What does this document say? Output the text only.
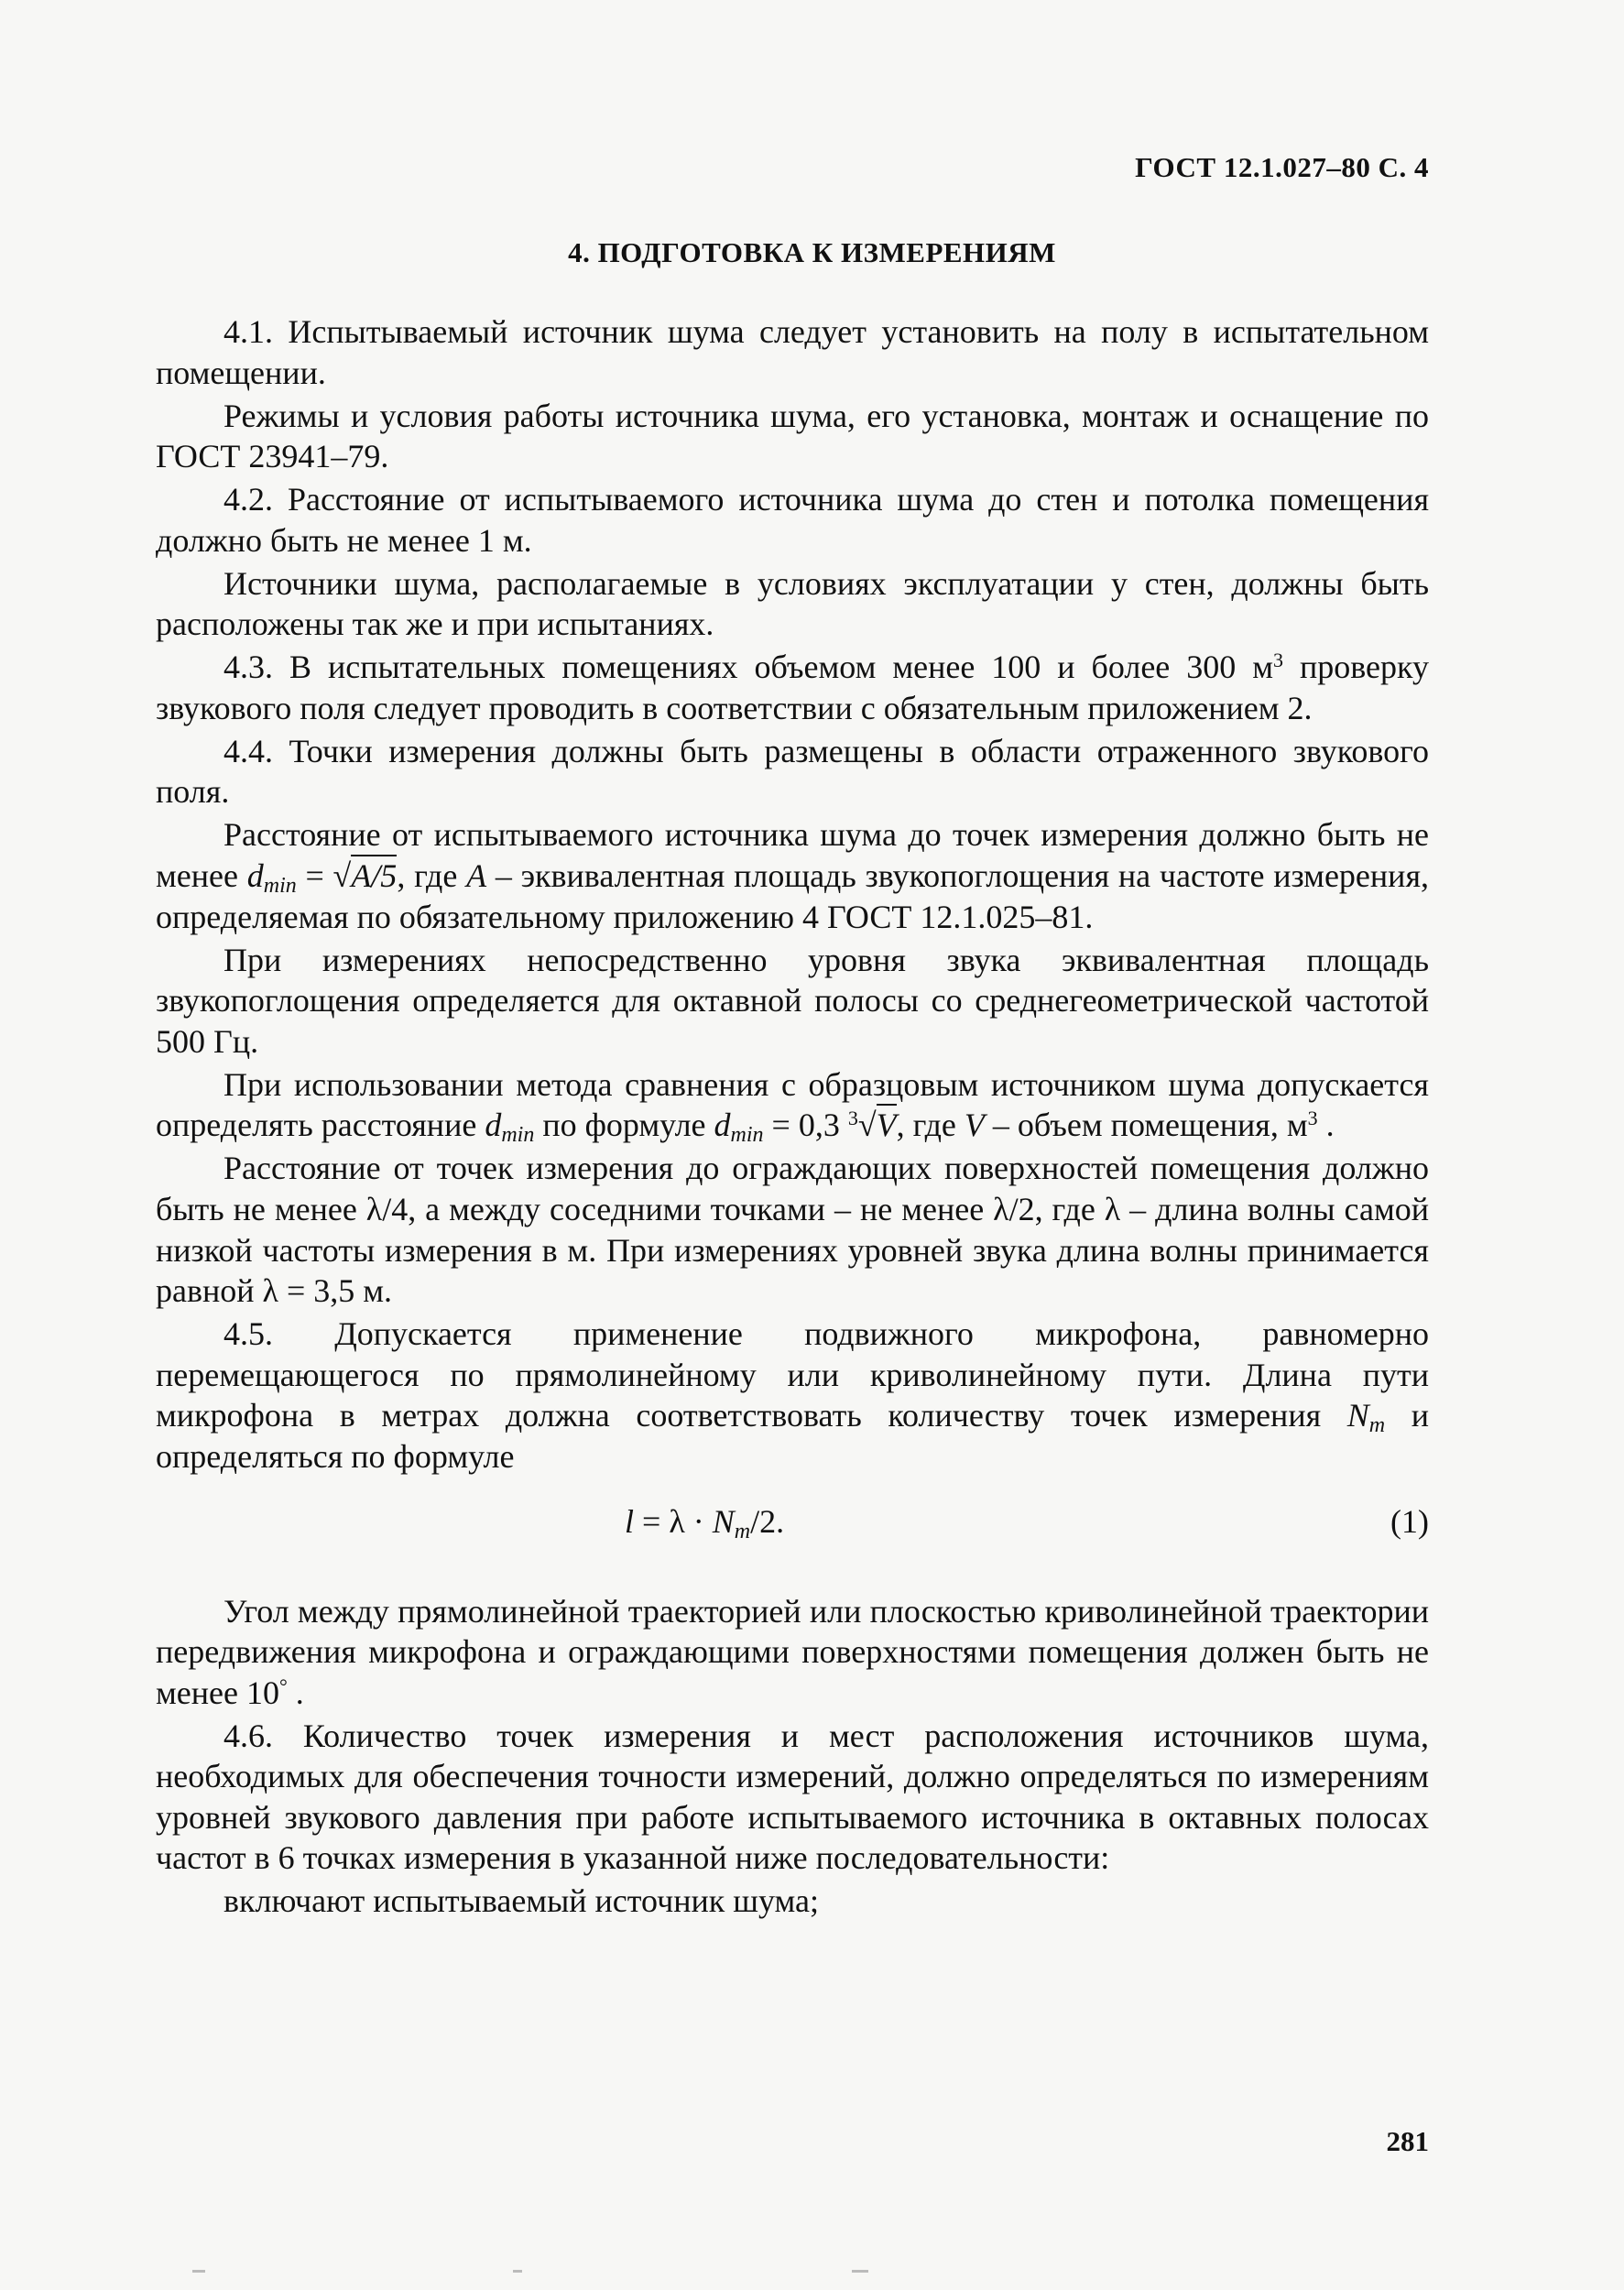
ГОСТ 12.1.027–80 С. 4
4. ПОДГОТОВКА К ИЗМЕРЕНИЯМ

4.1. Испытываемый источник шума следует установить на полу в испытательном помещении.

Режимы и условия работы источника шума, его установка, монтаж и оснащение по ГОСТ 23941–79.

4.2. Расстояние от испытываемого источника шума до стен и потолка помещения должно быть не менее 1 м.

Источники шума, располагаемые в условиях эксплуатации у стен, должны быть расположены так же и при испытаниях.

4.3. В испытательных помещениях объемом менее 100 и более 300 $м^3$ проверку звукового поля следует проводить в соответствии с обязательным приложением 2.

4.4. Точки измерения должны быть размещены в области отраженного звукового поля.

Расстояние от испытываемого источника шума до точек измерения должно быть не менее $d_{min} = √A/5$, где A – эквивалентная площадь звукопоглощения на частоте измерения, определяемая по обязательному приложению 4 ГОСТ 12.1.025–81.

При измерениях непосредственно уровня звука эквивалентная площадь звукопоглощения определяется для октавной полосы со среднегеометрической частотой 500 Гц.

При использовании метода сравнения с образцовым источником шума допускается определять расстояние $d_{min}$ по формуле $d_{min} = 0,3$ $^3$√V, где V – объем помещения, $м^3$ .

Расстояние от точек измерения до ограждающих поверхностей помещения должно быть не менее λ/4, а между соседними точками – не менее λ/2, где λ – длина волны самой низкой частоты измерения в м. При измерениях уровней звука длина волны принимается равной λ = 3,5 м.

4.5. Допускается применение подвижного микрофона, равномерно перемещающегося по прямолинейному или криволинейному пути. Длина пути микрофона в метрах должна соответствовать количеству точек измерения $N_m$ и определяться по формуле

$l = \lambda \cdot N_m/2$.	(1)

Угол между прямолинейной траекторией или плоскостью криволинейной траектории передвижения микрофона и ограждающими поверхностями помещения должен быть не менее 10° .

4.6. Количество точек измерения и мест расположения источников шума, необходимых для обеспечения точности измерений, должно определяться по измерениям уровней звукового давления при работе испытываемого источника в октавных полосах частот в 6 точках измерения в указанной ниже последовательности:

включают испытываемый источник шума;

281
